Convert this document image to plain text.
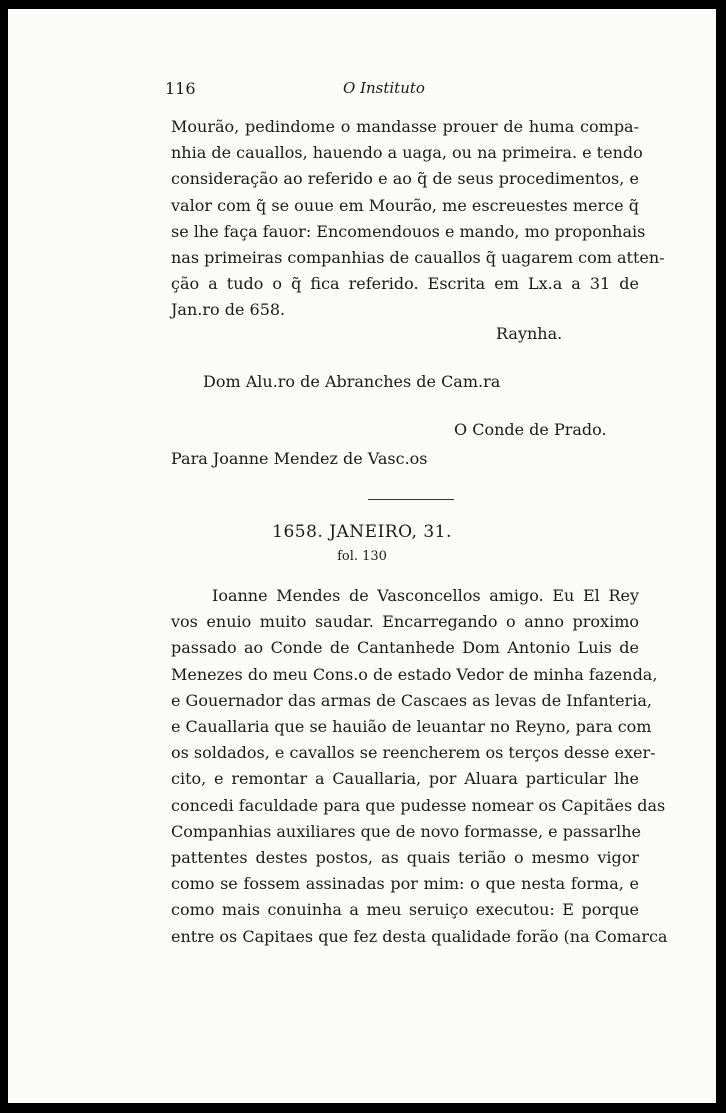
116	O Instituto
Mourão, pedindome o mandasse prouer de huma compa-
nhia de cauallos, hauendo a uaga, ou na primeira. e tendo
consideração ao referido e ao q̃ de seus procedimentos, e
valor com q̃ se ouue em Mourão, me escreuestes merce q̃
se lhe faça fauor: Encomendouos e mando, mo proponhais
nas primeiras companhias de cauallos q̃ uagarem com atten-
ção a tudo o q̃ fica referido. Escrita em Lx.a a 31 de
Jan.ro de 658.
Raynha.
Dom Alu.ro de Abranches de Cam.ra
O Conde de Prado.
Para Joanne Mendez de Vasc.os
1658. JANEIRO, 31.
fol. 130
Ioanne Mendes de Vasconcellos amigo. Eu El Rey
vos enuio muito saudar. Encarregando o anno proximo
passado ao Conde de Cantanhede Dom Antonio Luis de
Menezes do meu Cons.o de estado Vedor de minha fazenda,
e Gouernador das armas de Cascaes as levas de Infanteria,
e Cauallaria que se hauião de leuantar no Reyno, para com
os soldados, e cavallos se reencherem os terços desse exer-
cito, e remontar a Cauallaria, por Aluara particular lhe
concedi faculdade para que pudesse nomear os Capitães das
Companhias auxiliares que de novo formasse, e passarlhe
pattentes destes postos, as quais terião o mesmo vigor
como se fossem assinadas por mim: o que nesta forma, e
como mais conuinha a meu seruiço executou: E porque
entre os Capitaes que fez desta qualidade forão (na Comarca
